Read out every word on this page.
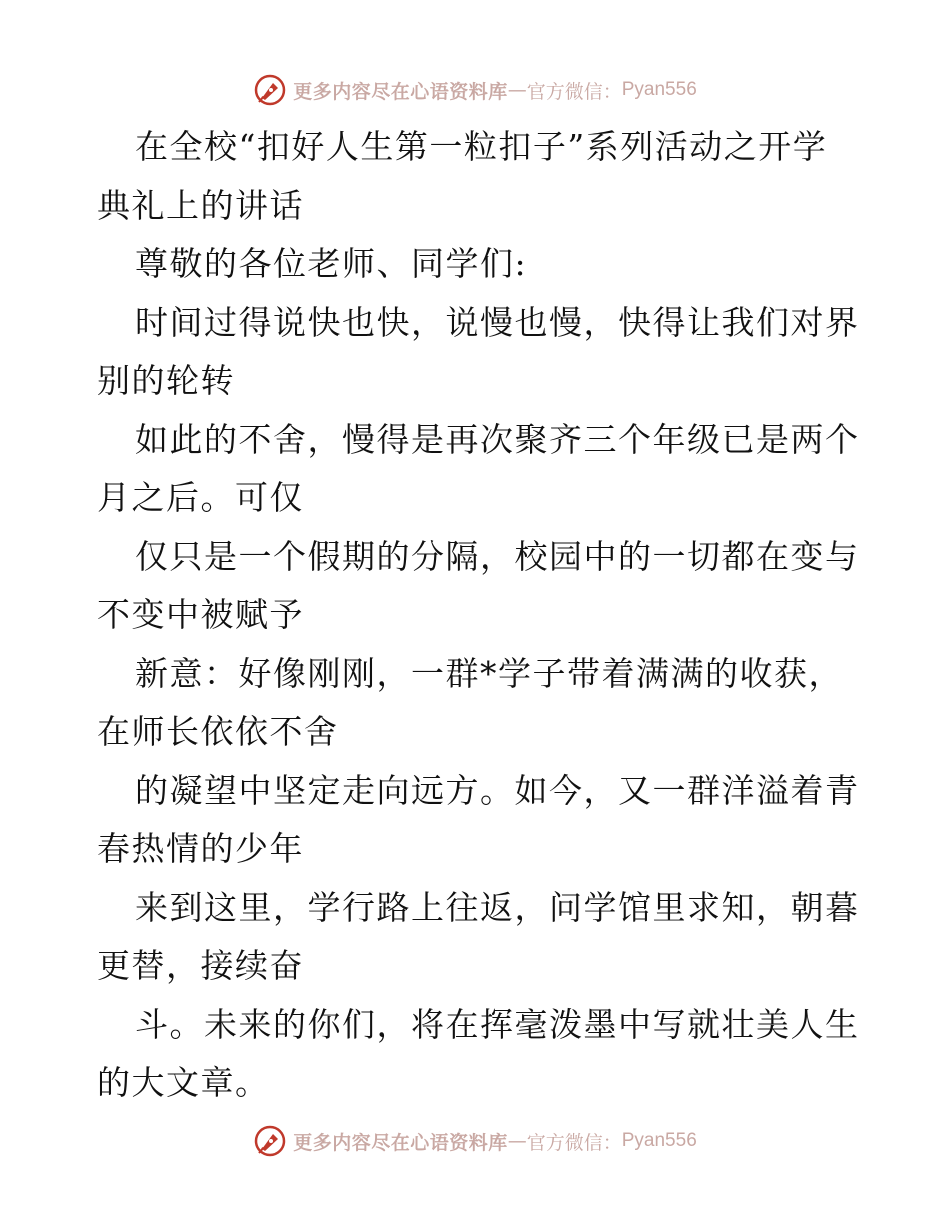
更多内容尽在心语资料库 — 官方微信： Pyan556
在全校“扣好人生第一粒扣子”系列活动之开学
典礼上的讲话
尊敬的各位老师、同学们:
时间过得说快也快，说慢也慢，快得让我们对界
别的轮转
如此的不舍，慢得是再次聚齐三个年级已是两个
月之后。可仅
仅只是一个假期的分隔，校园中的一切都在变与
不变中被赋予
新意：好像刚刚，一群*学子带着满满的收获，
在师长依依不舍
的凝望中坚定走向远方。如今，又一群洋溢着青
春热情的少年
来到这里，学行路上往返，问学馆里求知，朝暮
更替，接续奋
斗。未来的你们，将在挥毫泼墨中写就壮美人生
的大文章。
更多内容尽在心语资料库 — 官方微信： Pyan556
